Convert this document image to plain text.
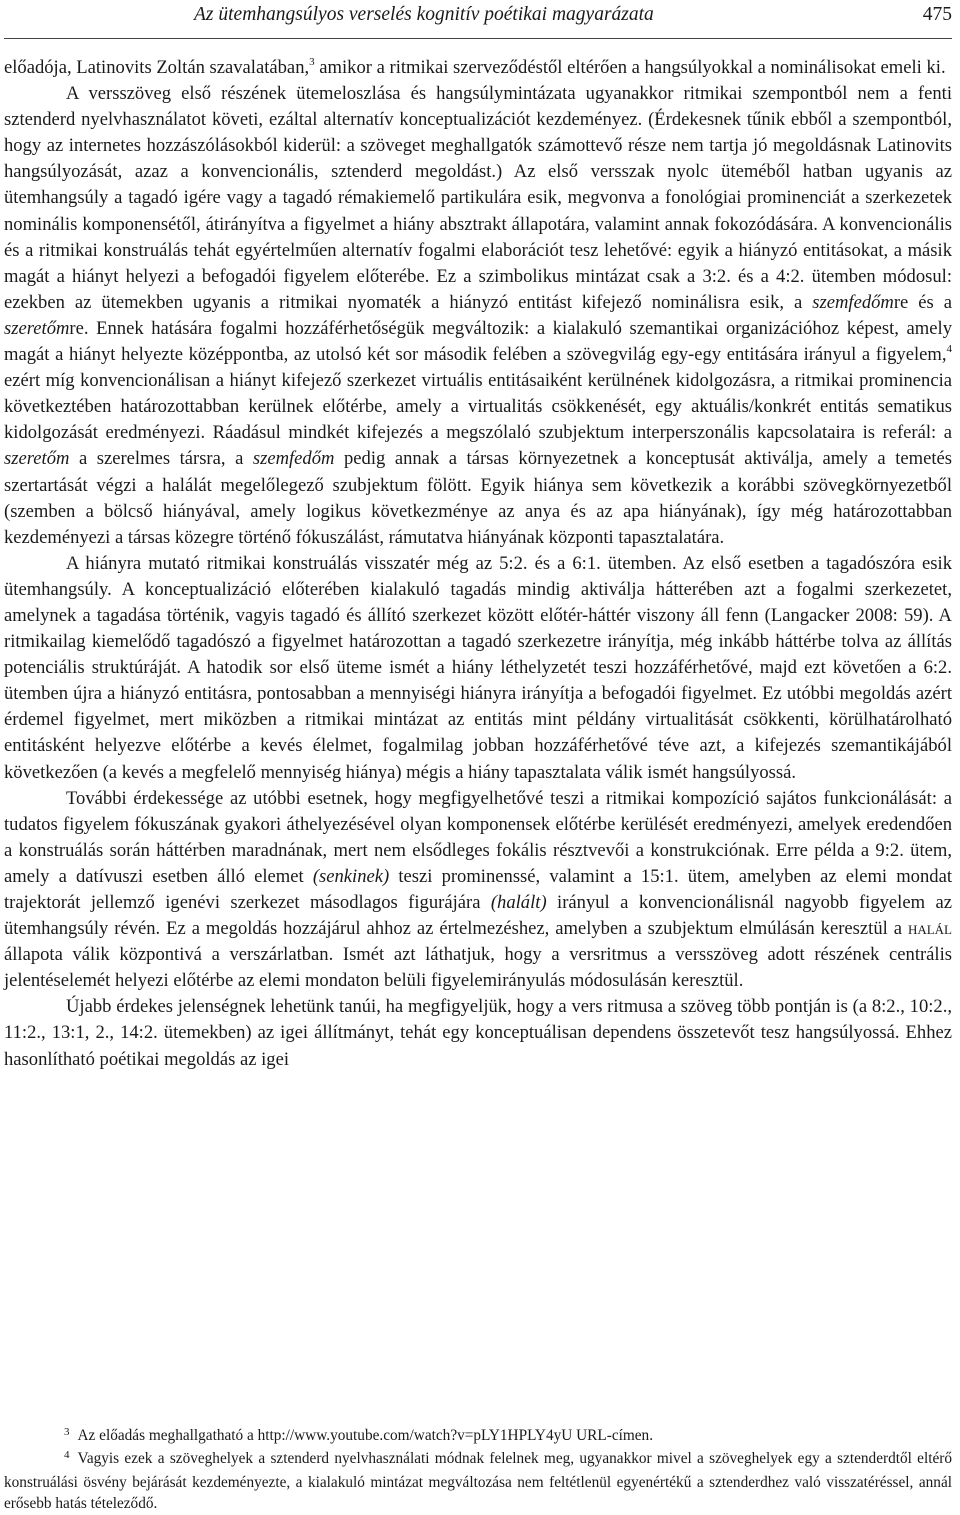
Az ütemhangsúlyos verselés kognitív poétikai magyarázata	475

előadója, Latinovits Zoltán szavalatában,$^3$ amikor a ritmikai szerveződéstől eltérően a hangsúlyokkal a nominálisokat emeli ki.

A versszöveg első részének ütemeloszlása és hangsúlymintázata ugyanakkor ritmikai szempontból nem a fenti sztenderd nyelvhasználatot követi, ezáltal alternatív konceptualizációt kezdeményez. (Érdekesnek tűnik ebből a szempontból, hogy az internetes hozzászólásokból kiderül: a szöveget meghallgatók számottevő része nem tartja jó megoldásnak Latinovits hangsúlyozását, azaz a konvencionális, sztenderd megoldást.) Az első versszak nyolc üteméből hatban ugyanis az ütemhangsúly a tagadó igére vagy a tagadó rémakiemelő partikulára esik, megvonva a fonológiai prominenciát a szerkezetek nominális komponensétől, átirányítva a figyelmet a hiány absztrakt állapotára, valamint annak fokozódására. A konvencionális és a ritmikai konstruálás tehát egyértelműen alternatív fogalmi elaborációt tesz lehetővé: egyik a hiányzó entitásokat, a másik magát a hiányt helyezi a befogadói figyelem előterébe. Ez a szimbolikus mintázat csak a 3:2. és a 4:2. ütemben módosul: ezekben az ütemekben ugyanis a ritmikai nyomaték a hiányzó entitást kifejező nominálisra esik, a szemfedőmre és a szeretőmre. Ennek hatására fogalmi hozzáférhetőségük megváltozik: a kialakuló szemantikai organizációhoz képest, amely magát a hiányt helyezte középpontba, az utolsó két sor második felében a szövegvilág egy-egy entitására irányul a figyelem,$^4$ ezért míg konvencionálisan a hiányt kifejező szerkezet virtuális entitásaiként kerülnének kidolgozásra, a ritmikai prominencia következtében határozottabban kerülnek előtérbe, amely a virtualitás csökkenését, egy aktuális/konkrét entitás sematikus kidolgozását eredményezi. Ráadásul mindkét kifejezés a megszólaló szubjektum interperszonális kapcsolataira is referál: a szeretőm a szerelmes társra, a szemfedőm pedig annak a társas környezetnek a konceptusát aktiválja, amely a temetés szertartását végzi a halálát megelőlegező szubjektum fölött. Egyik hiánya sem következik a korábbi szövegkörnyezetből (szemben a bölcső hiányával, amely logikus következménye az anya és az apa hiányának), így még határozottabban kezdeményezi a társas közegre történő fókuszálást, rámutatva hiányának központi tapasztalatára.

A hiányra mutató ritmikai konstruálás visszatér még az 5:2. és a 6:1. ütemben. Az első esetben a tagadószóra esik ütemhangsúly. A konceptualizáció előterében kialakuló tagadás mindig aktiválja hátterében azt a fogalmi szerkezetet, amelynek a tagadása történik, vagyis tagadó és állító szerkezet között előtér-háttér viszony áll fenn (Langacker 2008: 59). A ritmikailag kiemelődő tagadószó a figyelmet határozottan a tagadó szerkezetre irányítja, még inkább háttérbe tolva az állítás potenciális struktúráját. A hatodik sor első üteme ismét a hiány léthelyzetét teszi hozzáférhetővé, majd ezt követően a 6:2. ütemben újra a hiányzó entitásra, pontosabban a mennyiségi hiányra irányítja a befogadói figyelmet. Ez utóbbi megoldás azért érdemel figyelmet, mert miközben a ritmikai mintázat az entitás mint példány virtualitását csökkenti, körülhatárolható entitásként helyezve előtérbe a kevés élelmet, fogalmilag jobban hozzáférhetővé téve azt, a kifejezés szemantikájából következően (a kevés a megfelelő mennyiség hiánya) mégis a hiány tapasztalata válik ismét hangsúlyossá.

További érdekessége az utóbbi esetnek, hogy megfigyelhetővé teszi a ritmikai kompozíció sajátos funkcionálását: a tudatos figyelem fókuszának gyakori áthelyezésével olyan komponensek előtérbe kerülését eredményezi, amelyek eredendően a konstruálás során háttérben maradnának, mert nem elsődleges fokális résztvevői a konstrukciónak. Erre példa a 9:2. ütem, amely a datívuszi esetben álló elemet (senkinek) teszi prominenssé, valamint a 15:1. ütem, amelyben az elemi mondat trajektorát jellemző igenévi szerkezet másodlagos figurájára (halált) irányul a konvencionálisnál nagyobb figyelem az ütemhangsúly révén. Ez a megoldás hozzájárul ahhoz az értelmezéshez, amelyben a szubjektum elmúlásán keresztül a halál állapota válik központivá a verszárlatban. Ismét azt láthatjuk, hogy a versritmus a versszöveg adott részének centrális jelentéselemét helyezi előtérbe az elemi mondaton belüli figyelemirányulás módosulásán keresztül.

Újabb érdekes jelenségnek lehetünk tanúi, ha megfigyeljük, hogy a vers ritmusa a szöveg több pontján is (a 8:2., 10:2., 11:2., 13:1, 2., 14:2. ütemekben) az igei állítmányt, tehát egy konceptuálisan dependens összetevőt tesz hangsúlyossá. Ehhez hasonlítható poétikai megoldás az igei

$^3$ Az előadás meghallgatható a http://www.youtube.com/watch?v=pLY1HPLY4yU URL-címen.

$^4$ Vagyis ezek a szöveghelyek a sztenderd nyelvhasználati módnak felelnek meg, ugyanakkor mivel a szöveghelyek egy a sztenderdtől eltérő konstruálási ösvény bejárását kezdeményezte, a kialakuló mintázat megváltozása nem feltétlenül egyenértékű a sztenderdhez való visszatéréssel, annál erősebb hatás tételeződő.
